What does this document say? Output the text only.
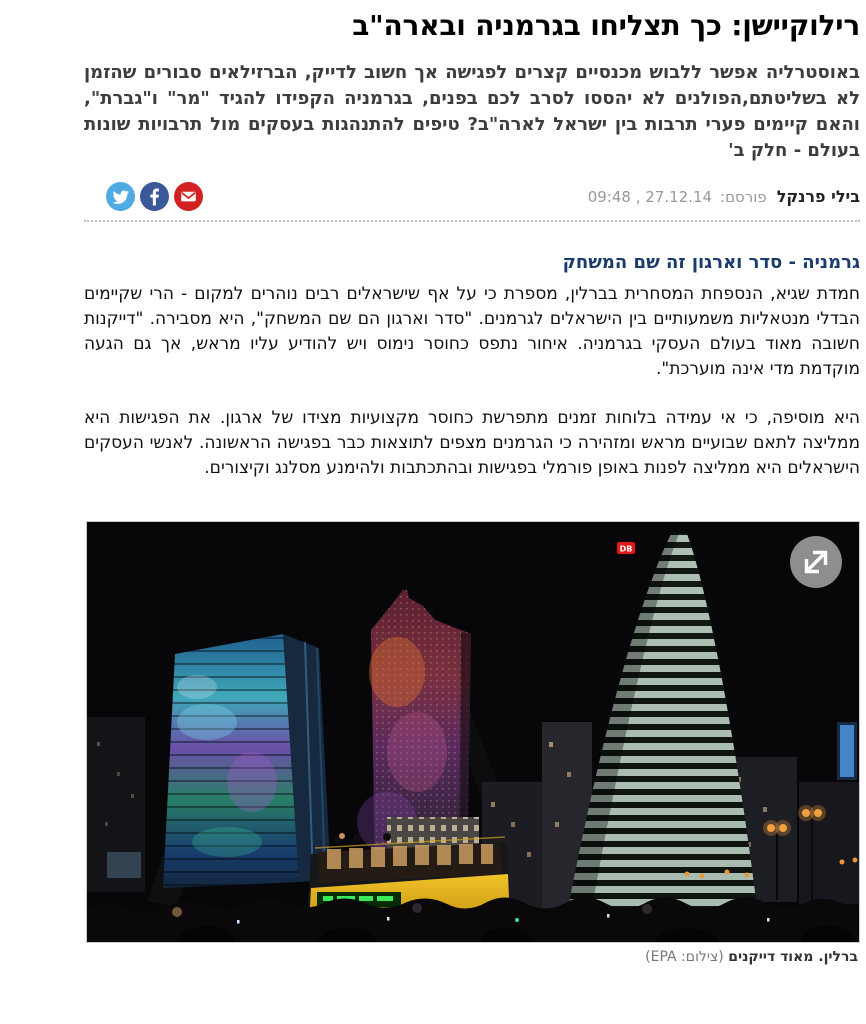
רילוקיישן: כך תצליחו בגרמניה ובארה"ב
באוסטרליה אפשר ללבוש מכנסיים קצרים לפגישה אך חשוב לדייק, הברזילאים סבורים שהזמן לא בשליטתם,הפולנים לא יהססו לסרב לכם בפנים, בגרמניה הקפידו להגיד "מר" ו"גברת", והאם קיימים פערי תרבות בין ישראל לארה"ב? טיפים להתנהגות בעסקים מול תרבויות שונות בעולם - חלק ב'
בילי פרנקלפורסם:27.12.14 , 09:48
גרמניה - סדר וארגון זה שם המשחק

חמדת שגיא, הנספחת המסחרית בברלין, מספרת כי על אף שישראלים רבים נוהרים למקום - הרי שקיימים הבדלי מנטאליות משמעותיים בין הישראלים לגרמנים. "סדר וארגון הם שם המשחק", היא מסבירה. "דייקנות חשובה מאוד בעולם העסקי בגרמניה. איחור נתפס כחוסר נימוס ויש להודיע עליו מראש, אך גם הגעה מוקדמת מדי אינה מוערכת".

היא מוסיפה, כי אי עמידה בלוחות זמנים מתפרשת כחוסר מקצועיות מצידו של ארגון. את הפגישות היא ממליצה לתאם שבועיים מראש ומזהירה כי הגרמנים מצפים לתוצאות כבר בפגישה הראשונה. לאנשי העסקים הישראלים היא ממליצה לפנות באופן פורמלי בפגישות ובהתכתבות ולהימנע מסלנג וקיצורים.

DB
ברלין. מאוד דייקנים (צילום: EPA)
